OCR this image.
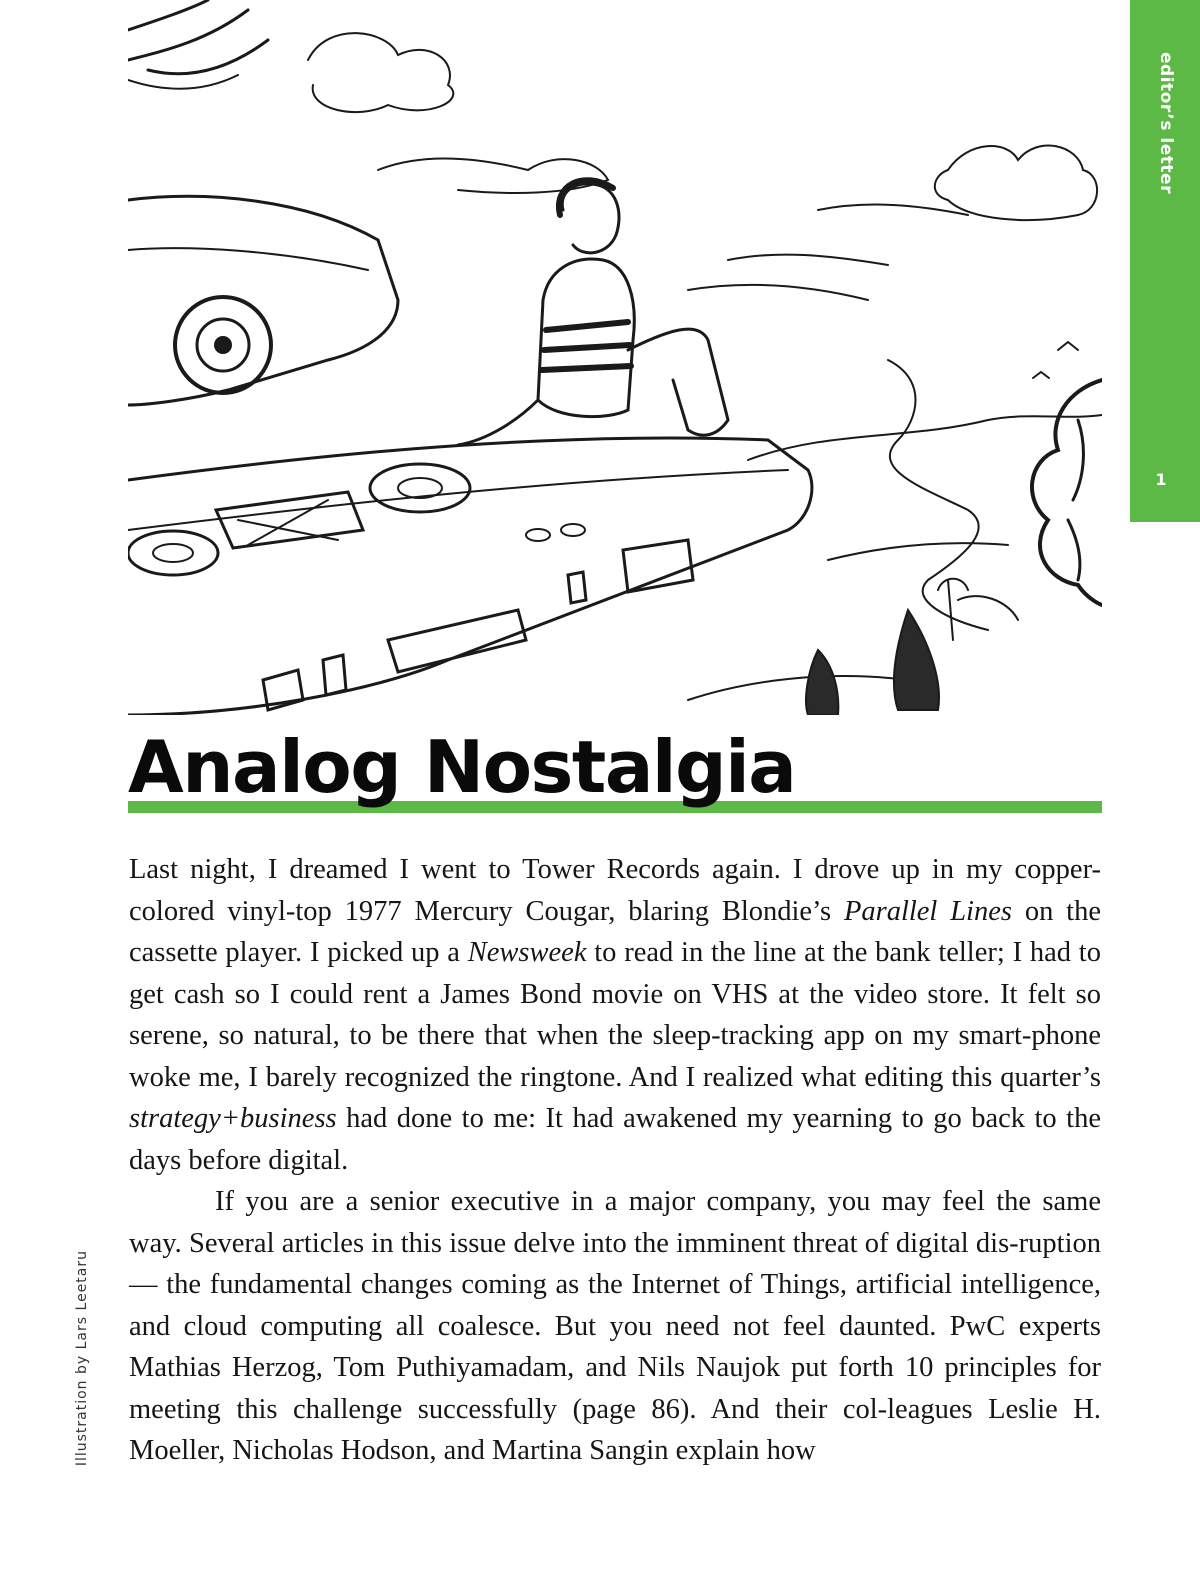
editor’s letter
1
Illustration by Lars Leetaru
Analog Nostalgia

Last night, I dreamed I went to Tower Records again. I drove up in my copper-colored vinyl-top 1977 Mercury Cougar, blaring Blondie’s Parallel Lines on the cassette player. I picked up a Newsweek to read in the line at the bank teller; I had to get cash so I could rent a James Bond movie on VHS at the video store. It felt so serene, so natural, to be there that when the sleep-tracking app on my smart-phone woke me, I barely recognized the ringtone. And I realized what editing this quarter’s strategy+business had done to me: It had awakened my yearning to go back to the days before digital.

If you are a senior executive in a major company, you may feel the same way. Several articles in this issue delve into the imminent threat of digital dis-ruption — the fundamental changes coming as the Internet of Things, artificial intelligence, and cloud computing all coalesce. But you need not feel daunted. PwC experts Mathias Herzog, Tom Puthiyamadam, and Nils Naujok put forth 10 principles for meeting this challenge successfully (page 86). And their col-leagues Leslie H. Moeller, Nicholas Hodson, and Martina Sangin explain how
